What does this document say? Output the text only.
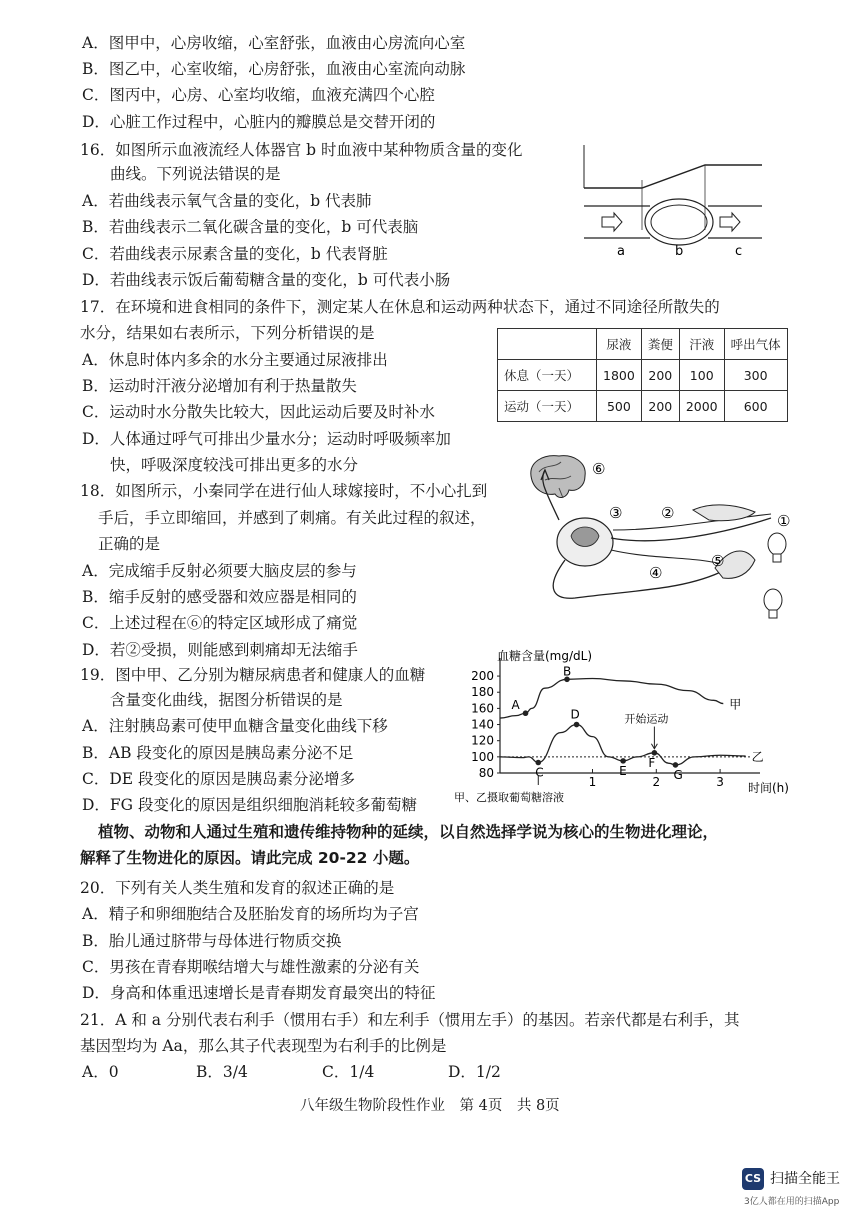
A．图甲中，心房收缩，心室舒张，血液由心房流向心室
B．图乙中，心室收缩，心房舒张，血液由心室流向动脉
C．图丙中，心房、心室均收缩，血液充满四个心腔
D．心脏工作过程中，心脏内的瓣膜总是交替开闭的
16．如图所示血液流经人体器官 b 时血液中某种物质含量的变化
曲线。下列说法错误的是
A．若曲线表示氧气含量的变化，b 代表肺
B．若曲线表示二氧化碳含量的变化，b 可代表脑
C．若曲线表示尿素含量的变化，b 代表肾脏
D．若曲线表示饭后葡萄糖含量的变化，b 可代表小肠
17．在环境和进食相同的条件下，测定某人在休息和运动两种状态下，通过不同途径所散失的
水分，结果如右表所示，下列分析错误的是
A．休息时体内多余的水分主要通过尿液排出
B．运动时汗液分泌增加有利于热量散失
C．运动时水分散失比较大，因此运动后要及时补水
D．人体通过呼气可排出少量水分；运动时呼吸频率加
快，呼吸深度较浅可排出更多的水分
18．如图所示，小秦同学在进行仙人球嫁接时，不小心扎到
手后，手立即缩回，并感到了刺痛。有关此过程的叙述，
正确的是
A．完成缩手反射必须要大脑皮层的参与
B．缩手反射的感受器和效应器是相同的
C．上述过程在⑥的特定区域形成了痛觉
D．若②受损，则能感到刺痛却无法缩手
19．图中甲、乙分别为糖尿病患者和健康人的血糖
含量变化曲线，据图分析错误的是
A．注射胰岛素可使甲血糖含量变化曲线下移
B．AB 段变化的原因是胰岛素分泌不足
C．DE 段变化的原因是胰岛素分泌增多
D．FG 段变化的原因是组织细胞消耗较多葡萄糖
20．下列有关人类生殖和发育的叙述正确的是
A．精子和卵细胞结合及胚胎发育的场所均为子宫
B．胎儿通过脐带与母体进行物质交换
C．男孩在青春期喉结增大与雄性激素的分泌有关
D．身高和体重迅速增长是青春期发育最突出的特征
21．A 和 a 分别代表右利手（惯用右手）和左利手（惯用左手）的基因。若亲代都是右利手，其
基因型均为 Aa，那么其子代表现型为右利手的比例是
植物、动物和人通过生殖和遗传维持物种的延续，以自然选择学说为核心的生物进化理论，
解释了生物进化的原因。请此完成 20-22 小题。
A．0	B．3/4	C．1/4	D．1/2
a	b	c
	尿液	粪便	汗液	呼出气体
休息（一天）	1800	200	100	300
运动（一天）	500	200	2000	600
①
②
③
④
⑤
⑥
血糖含量(mg/dL)
时间(h)
80
100
120
140
160
180
200
1	2	3
甲
乙
A
B
C
D
E
F
G
开始运动
甲、乙摄取葡萄糖溶液
八年级生物阶段性作业　第 4页　共 8页
CS 扫描全能王
3亿人都在用的扫描App
